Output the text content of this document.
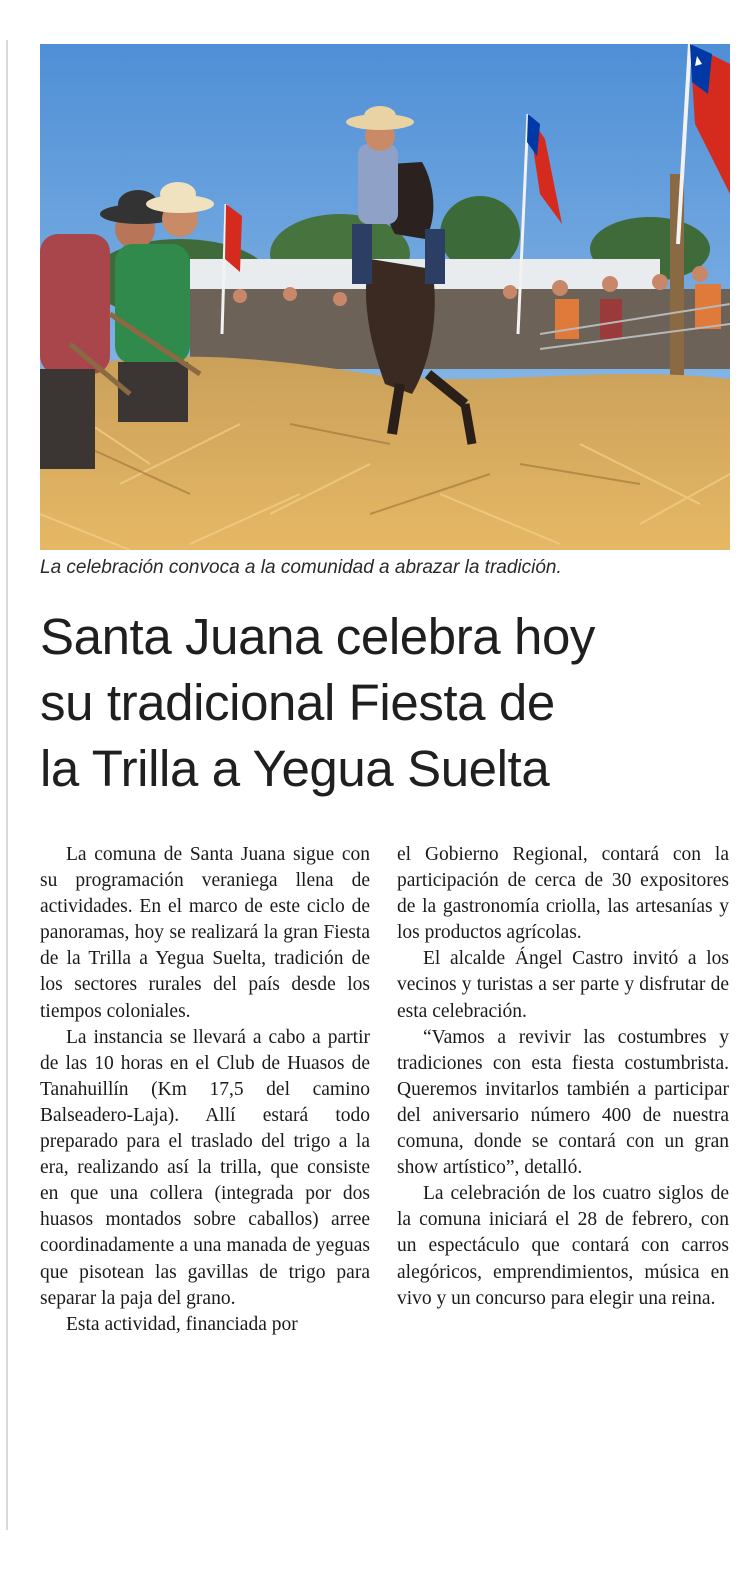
La celebración convoca a la comunidad a abrazar la tradición.
Santa Juana celebra hoy
su tradicional Fiesta de
la Trilla a Yegua Suelta

La comuna de Santa Juana sigue con su programación veraniega llena de actividades. En el marco de este ciclo de panoramas, hoy se realizará la gran Fiesta de la Trilla a Yegua Suelta, tradición de los sectores rurales del país desde los tiempos coloniales.

La instancia se llevará a cabo a partir de las 10 horas en el Club de Huasos de Tanahuillín (Km 17,5 del camino Balseadero-Laja). Allí estará todo preparado para el traslado del trigo a la era, realizando así la trilla, que consiste en que una collera (integrada por dos huasos montados sobre caballos) arree coordinadamente a una manada de yeguas que pisotean las gavillas de trigo para separar la paja del grano.

Esta actividad, financiada por

el Gobierno Regional, contará con la participación de cerca de 30 expositores de la gastronomía criolla, las artesanías y los productos agrícolas.

El alcalde Ángel Castro invitó a los vecinos y turistas a ser parte y disfrutar de esta celebración.

“Vamos a revivir las costumbres y tradiciones con esta fiesta costumbrista. Queremos invitarlos también a participar del aniversario número 400 de nuestra comuna, donde se contará con un gran show artístico”, detalló.

La celebración de los cuatro siglos de la comuna iniciará el 28 de febrero, con un espectáculo que contará con carros alegóricos, emprendimientos, música en vivo y un concurso para elegir una reina.
